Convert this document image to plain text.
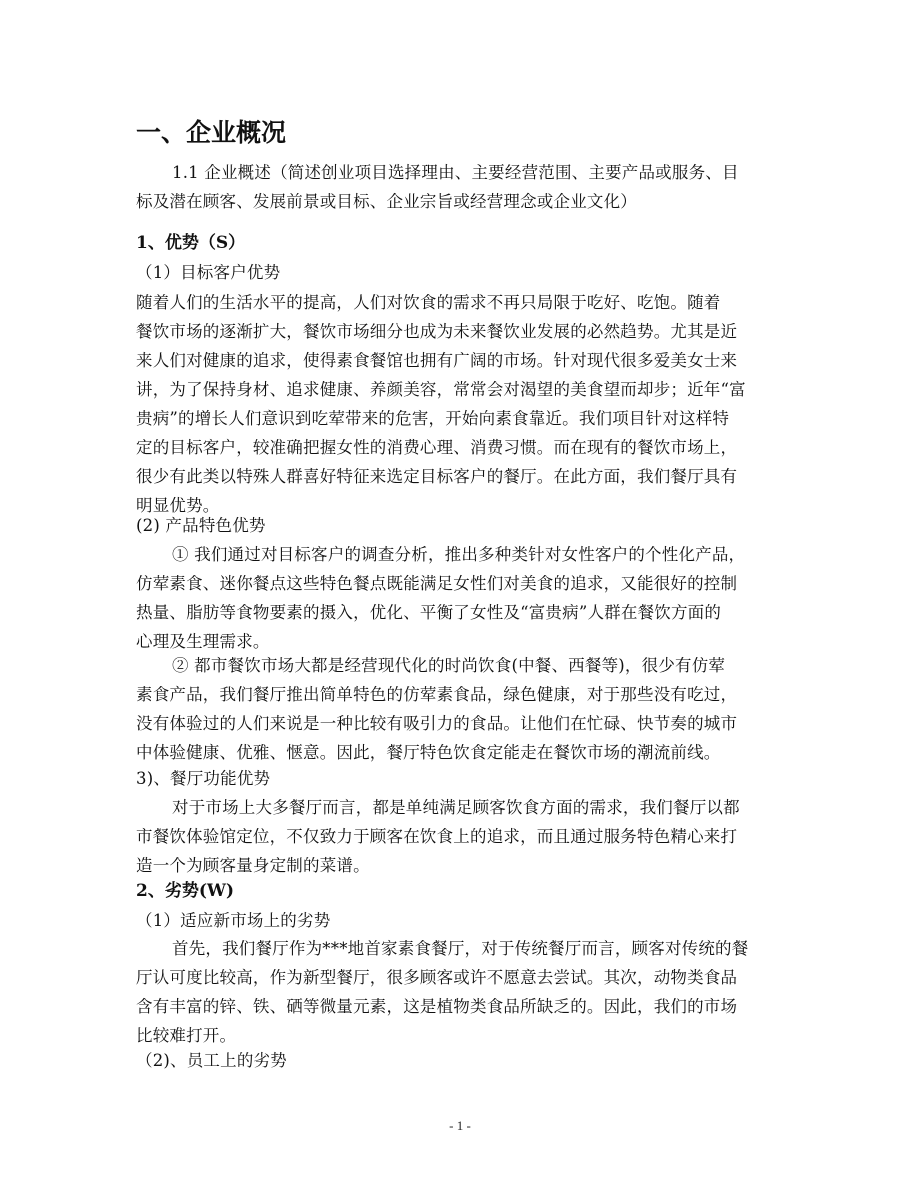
一、企业概况
1.1 企业概述（简述创业项目选择理由、主要经营范围、主要产品或服务、目
标及潜在顾客、发展前景或目标、企业宗旨或经营理念或企业文化）
1、优势（S）
（1）目标客户优势
随着人们的生活水平的提高，人们对饮食的需求不再只局限于吃好、吃饱。随着
餐饮市场的逐渐扩大，餐饮市场细分也成为未来餐饮业发展的必然趋势。尤其是近
来人们对健康的追求，使得素食餐馆也拥有广阔的市场。针对现代很多爱美女士来
讲，为了保持身材、追求健康、养颜美容，常常会对渴望的美食望而却步；近年“富
贵病”的增长人们意识到吃荤带来的危害，开始向素食靠近。我们项目针对这样特
定的目标客户，较准确把握女性的消费心理、消费习惯。而在现有的餐饮市场上，
很少有此类以特殊人群喜好特征来选定目标客户的餐厅。在此方面，我们餐厅具有
明显优势。
(2) 产品特色优势
① 我们通过对目标客户的调查分析，推出多种类针对女性客户的个性化产品，
仿荤素食、迷你餐点这些特色餐点既能满足女性们对美食的追求，又能很好的控制
热量、脂肪等食物要素的摄入，优化、平衡了女性及“富贵病”人群在餐饮方面的
心理及生理需求。
② 都市餐饮市场大都是经营现代化的时尚饮食(中餐、西餐等)，很少有仿荤
素食产品，我们餐厅推出简单特色的仿荤素食品，绿色健康，对于那些没有吃过，
没有体验过的人们来说是一种比较有吸引力的食品。让他们在忙碌、快节奏的城市
中体验健康、优雅、惬意。因此，餐厅特色饮食定能走在餐饮市场的潮流前线。
3)、餐厅功能优势
对于市场上大多餐厅而言，都是单纯满足顾客饮食方面的需求，我们餐厅以都
市餐饮体验馆定位，不仅致力于顾客在饮食上的追求，而且通过服务特色精心来打
造一个为顾客量身定制的菜谱。
2、劣势(W)
（1）适应新市场上的劣势
首先，我们餐厅作为***地首家素食餐厅，对于传统餐厅而言，顾客对传统的餐
厅认可度比较高，作为新型餐厅，很多顾客或许不愿意去尝试。其次，动物类食品
含有丰富的锌、铁、硒等微量元素，这是植物类食品所缺乏的。因此，我们的市场
比较难打开。
（2)、员工上的劣势
- 1 -
